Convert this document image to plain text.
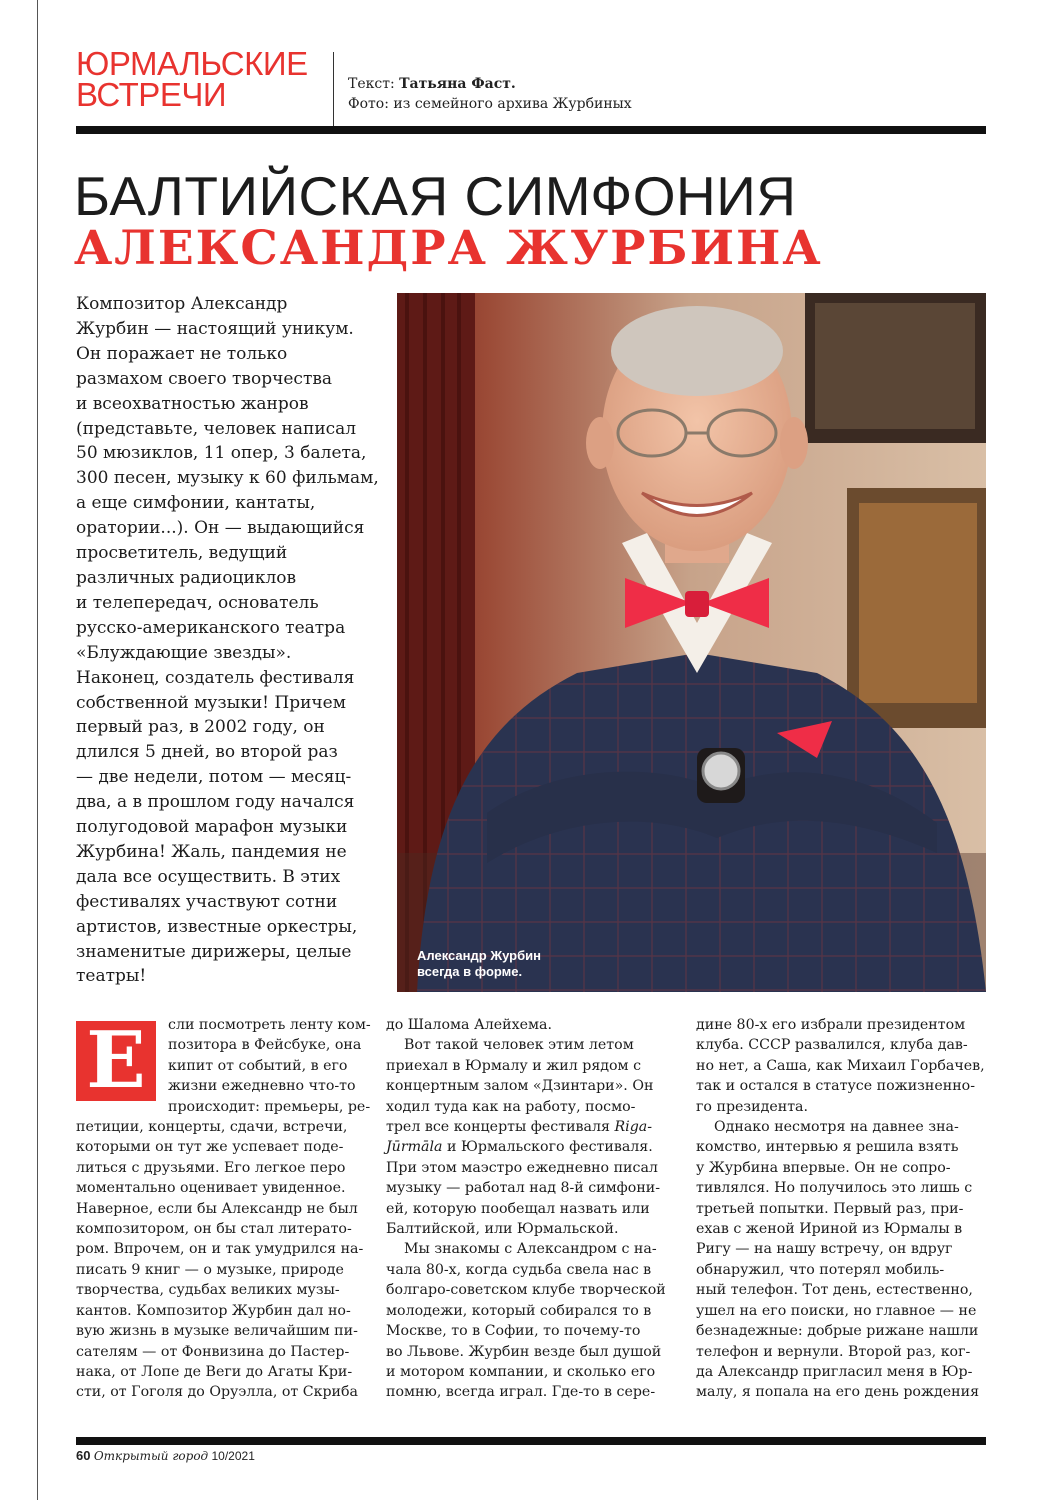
ЮРМАЛЬСКИЕ
ВСТРЕЧИ	Текст: Татьяна Фаст.
Фото: из семейного архива Журбиных
БАЛТИЙСКАЯ СИМФОНИЯ
АЛЕКСАНДРА ЖУРБИНА
Композитор Александр
Журбин — настоящий уникум.
Он поражает не только
размахом своего творчества
и всеохватностью жанров
(представьте, человек написал
50 мюзиклов, 11 опер, 3 балета,
300 песен, музыку к 60 фильмам,
а еще симфонии, кантаты,
оратории...). Он — выдающийся
просветитель, ведущий
различных радиоциклов
и телепередач, основатель
русско-американского театра
«Блуждающие звезды».
Наконец, создатель фестиваля
собственной музыки! Причем
первый раз, в 2002 году, он
длился 5 дней, во второй раз
— две недели, потом — месяц-
два, а в прошлом году начался
полугодовой марафон музыки
Журбина! Жаль, пандемия не
дала все осуществить. В этих
фестивалях участвуют сотни
артистов, известные оркестры,
знаменитые дирижеры, целые
театры!
Александр Журбин
всегда в форме.
Е	сли посмотреть ленту ком-
позитора в Фейсбуке, она
кипит от событий, в его
жизни ежедневно что-то
происходит: премьеры, ре-
петиции, концерты, сдачи, встречи,
которыми он тут же успевает поде-
литься с друзьями. Его легкое перо
моментально оценивает увиденное.
Наверное, если бы Александр не был
композитором, он бы стал литерато-
ром. Впрочем, он и так умудрился на-
писать 9 книг — о музыке, природе
творчества, судьбах великих музы-
кантов. Композитор Журбин дал но-
вую жизнь в музыке величайшим пи-
сателям — от Фонвизина до Пастер-
нака, от Лопе де Веги до Агаты Кри-
сти, от Гоголя до Оруэлла, от Скриба
до Шалома Алейхема.
Вот такой человек этим летом
приехал в Юрмалу и жил рядом с
концертным залом «Дзинтари». Он
ходил туда как на работу, посмо-
трел все концерты фестиваля Riga-
Jūrmāla и Юрмальского фестиваля.
При этом маэстро ежедневно писал
музыку — работал над 8-й симфони-
ей, которую пообещал назвать или
Балтийской, или Юрмальской.
Мы знакомы с Александром с на-
чала 80-х, когда судьба свела нас в
болгаро-советском клубе творческой
молодежи, который собирался то в
Москве, то в Софии, то почему-то
во Львове. Журбин везде был душой
и мотором компании, и сколько его
помню, всегда играл. Где-то в сере-
дине 80-х его избрали президентом
клуба. СССР развалился, клуба дав-
но нет, а Саша, как Михаил Горбачев,
так и остался в статусе пожизненно-
го президента.
Однако несмотря на давнее зна-
комство, интервью я решила взять
у Журбина впервые. Он не сопро-
тивлялся. Но получилось это лишь с
третьей попытки. Первый раз, при-
ехав с женой Ириной из Юрмалы в
Ригу — на нашу встречу, он вдруг
обнаружил, что потерял мобиль-
ный телефон. Тот день, естественно,
ушел на его поиски, но главное — не
безнадежные: добрые рижане нашли
телефон и вернули. Второй раз, ког-
да Александр пригласил меня в Юр-
малу, я попала на его день рождения
60 Открытый город 10/2021
